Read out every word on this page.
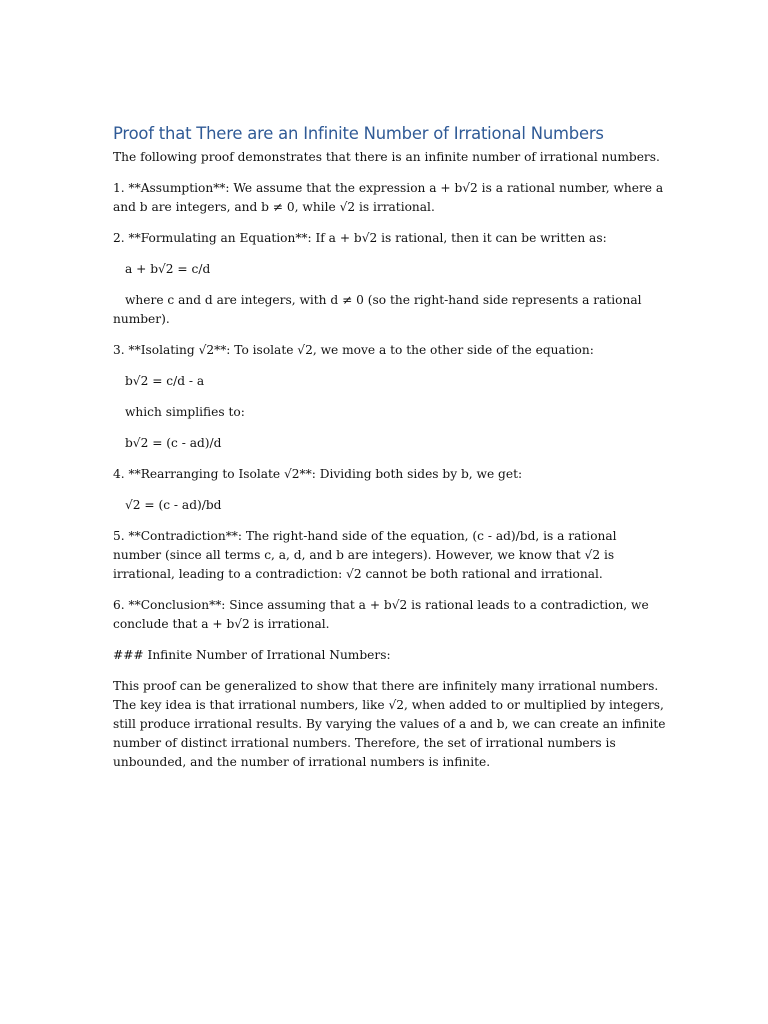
Proof that There are an Infinite Number of Irrational Numbers

The following proof demonstrates that there is an infinite number of irrational numbers.

1. **Assumption**: We assume that the expression a + b√2 is a rational number, where a and b are integers, and b ≠ 0, while √2 is irrational.

2. **Formulating an Equation**: If a + b√2 is rational, then it can be written as:

a + b√2 = c/d

where c and d are integers, with d ≠ 0 (so the right-hand side represents a rational number).

3. **Isolating √2**: To isolate √2, we move a to the other side of the equation:

b√2 = c/d - a

which simplifies to:

b√2 = (c - ad)/d

4. **Rearranging to Isolate √2**: Dividing both sides by b, we get:

√2 = (c - ad)/bd

5. **Contradiction**: The right-hand side of the equation, (c - ad)/bd, is a rational number (since all terms c, a, d, and b are integers). However, we know that √2 is irrational, leading to a contradiction: √2 cannot be both rational and irrational.

6. **Conclusion**: Since assuming that a + b√2 is rational leads to a contradiction, we conclude that a + b√2 is irrational.

### Infinite Number of Irrational Numbers:

This proof can be generalized to show that there are infinitely many irrational numbers. The key idea is that irrational numbers, like √2, when added to or multiplied by integers, still produce irrational results. By varying the values of a and b, we can create an infinite number of distinct irrational numbers. Therefore, the set of irrational numbers is unbounded, and the number of irrational numbers is infinite.
